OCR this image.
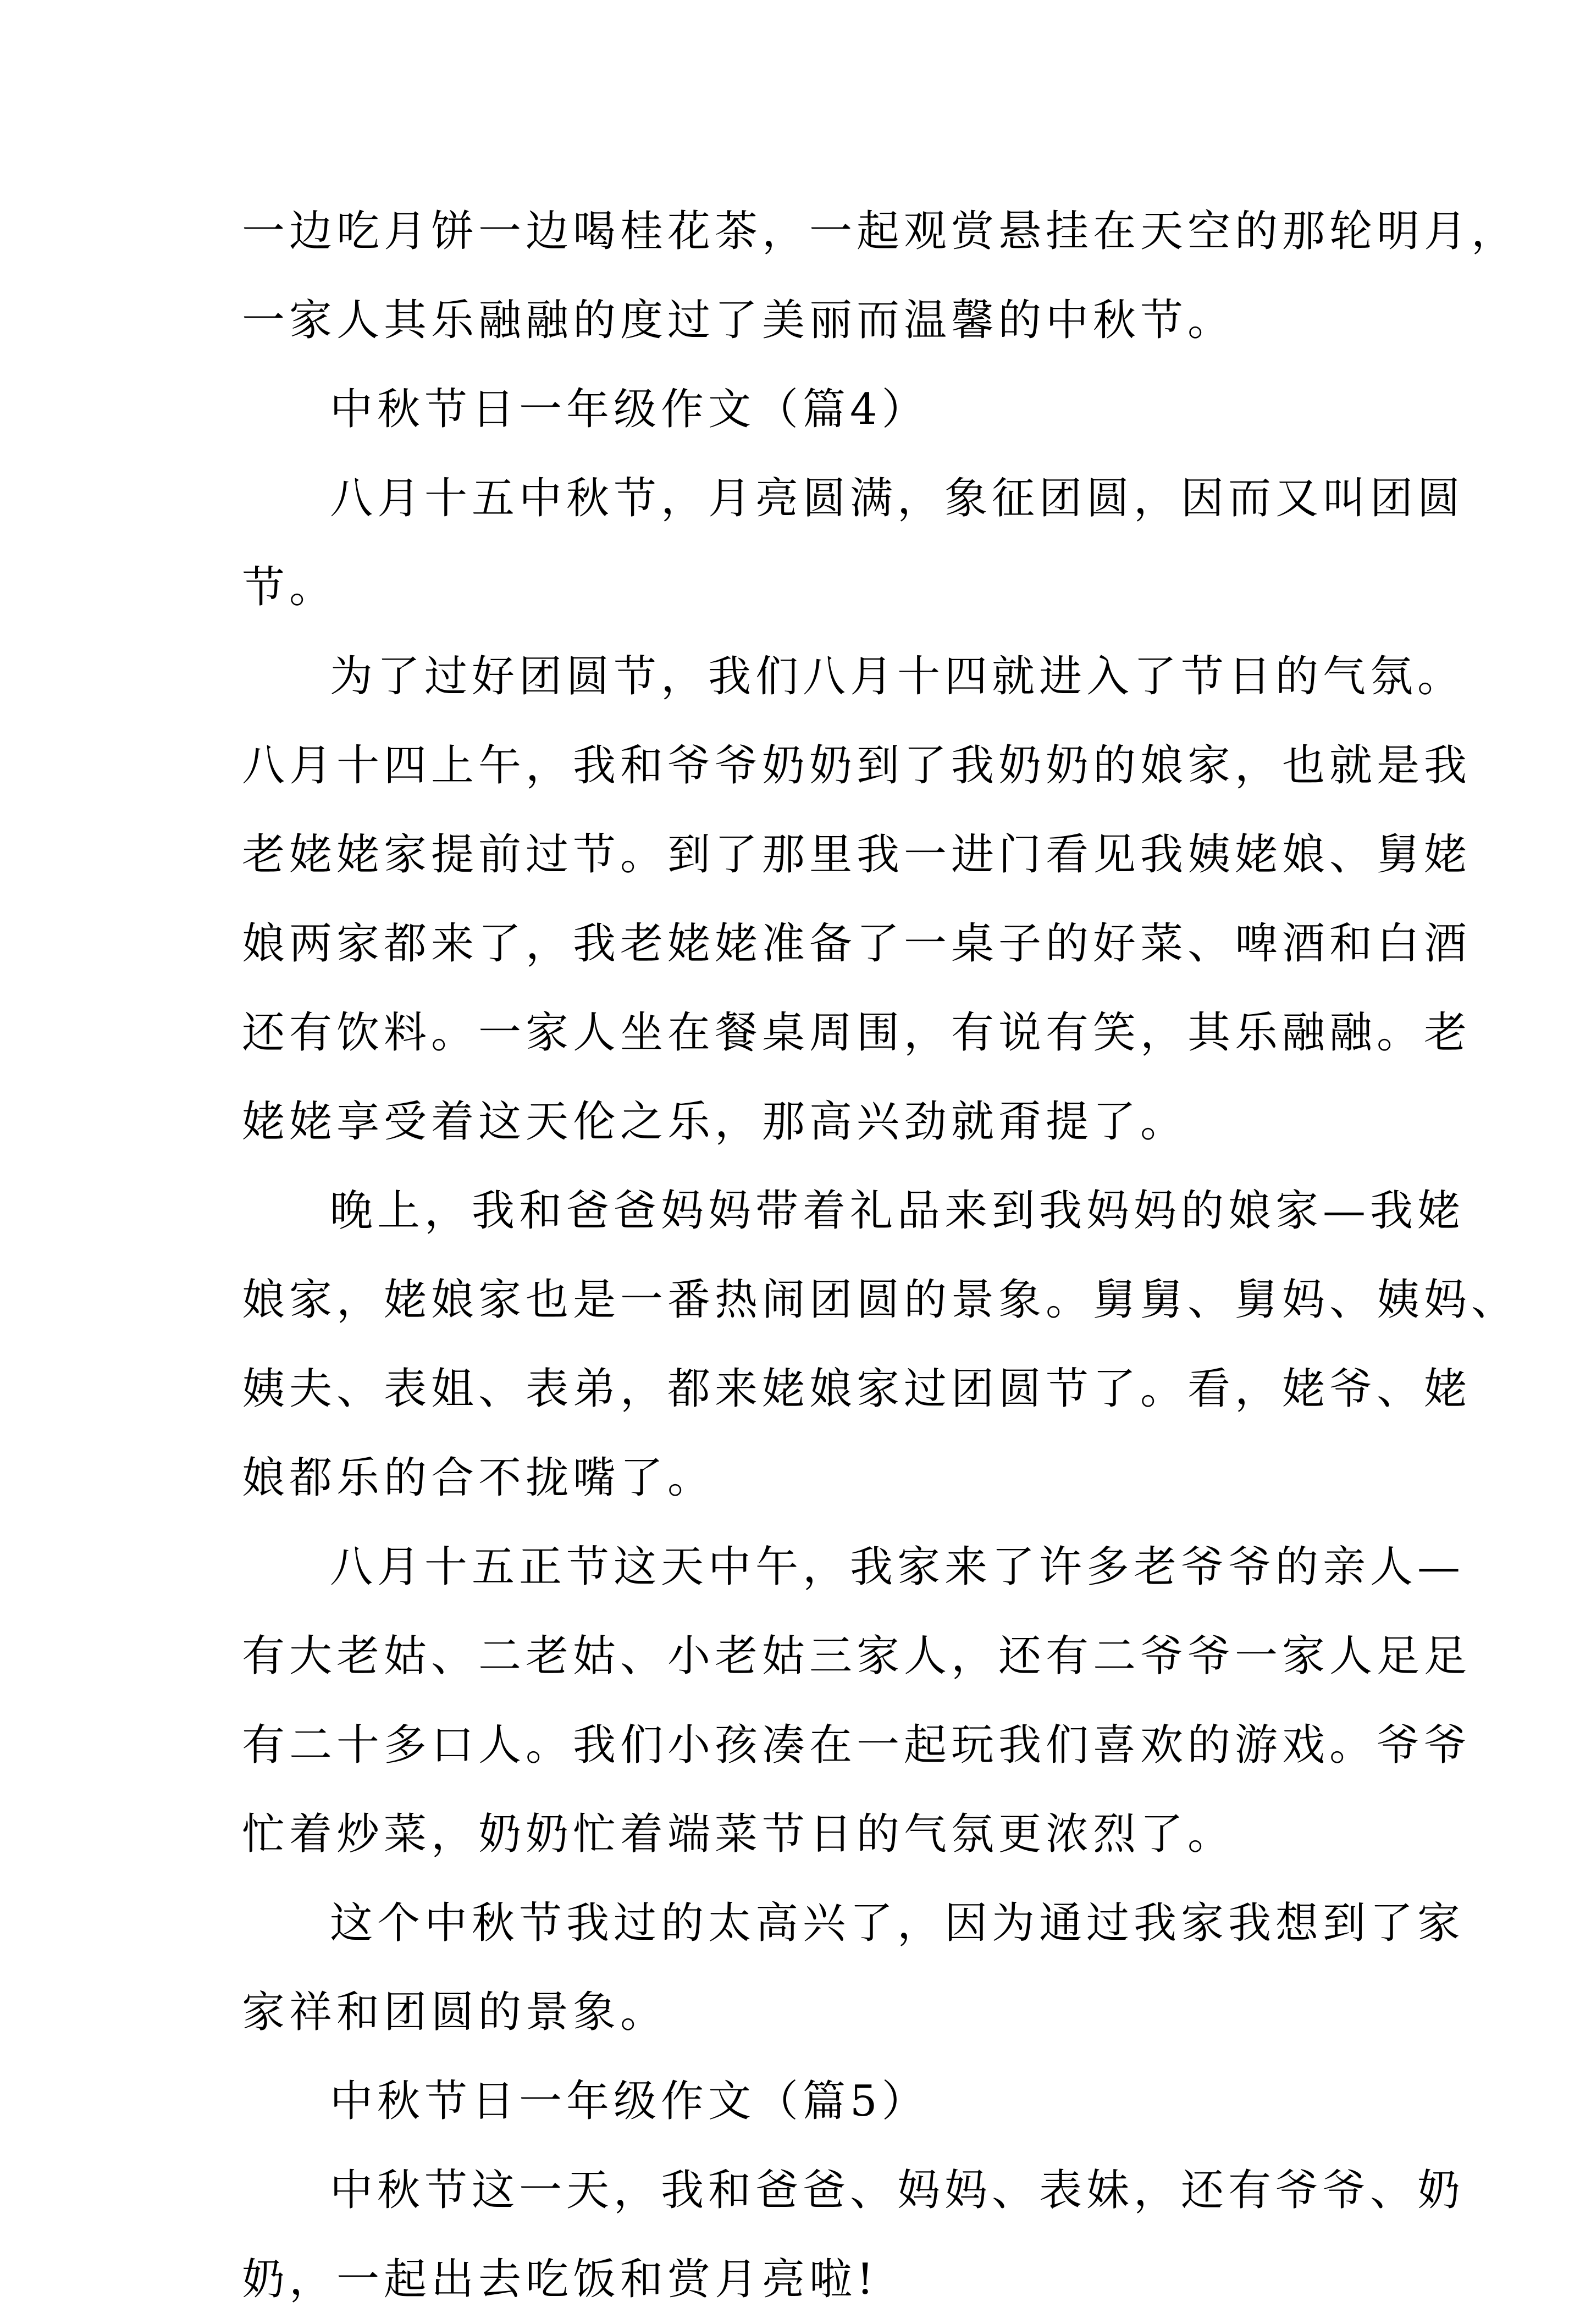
一边吃月饼一边喝桂花茶，一起观赏悬挂在天空的那轮明月，
一家人其乐融融的度过了美丽而温馨的中秋节。
中秋节日一年级作文（篇4）
八月十五中秋节，月亮圆满，象征团圆，因而又叫团圆
节。
为了过好团圆节，我们八月十四就进入了节日的气氛。
八月十四上午，我和爷爷奶奶到了我奶奶的娘家，也就是我
老姥姥家提前过节。到了那里我一进门看见我姨姥娘、舅姥
娘两家都来了，我老姥姥准备了一桌子的好菜、啤酒和白酒
还有饮料。一家人坐在餐桌周围，有说有笑，其乐融融。老
姥姥享受着这天伦之乐，那高兴劲就甭提了。
晚上，我和爸爸妈妈带着礼品来到我妈妈的娘家—我姥
娘家，姥娘家也是一番热闹团圆的景象。舅舅、舅妈、姨妈、
姨夫、表姐、表弟，都来姥娘家过团圆节了。看，姥爷、姥
娘都乐的合不拢嘴了。
八月十五正节这天中午，我家来了许多老爷爷的亲人—
有大老姑、二老姑、小老姑三家人，还有二爷爷一家人足足
有二十多口人。我们小孩凑在一起玩我们喜欢的游戏。爷爷
忙着炒菜，奶奶忙着端菜节日的气氛更浓烈了。
这个中秋节我过的太高兴了，因为通过我家我想到了家
家祥和团圆的景象。
中秋节日一年级作文（篇5）
中秋节这一天，我和爸爸、妈妈、表妹，还有爷爷、奶
奶，一起出去吃饭和赏月亮啦!
